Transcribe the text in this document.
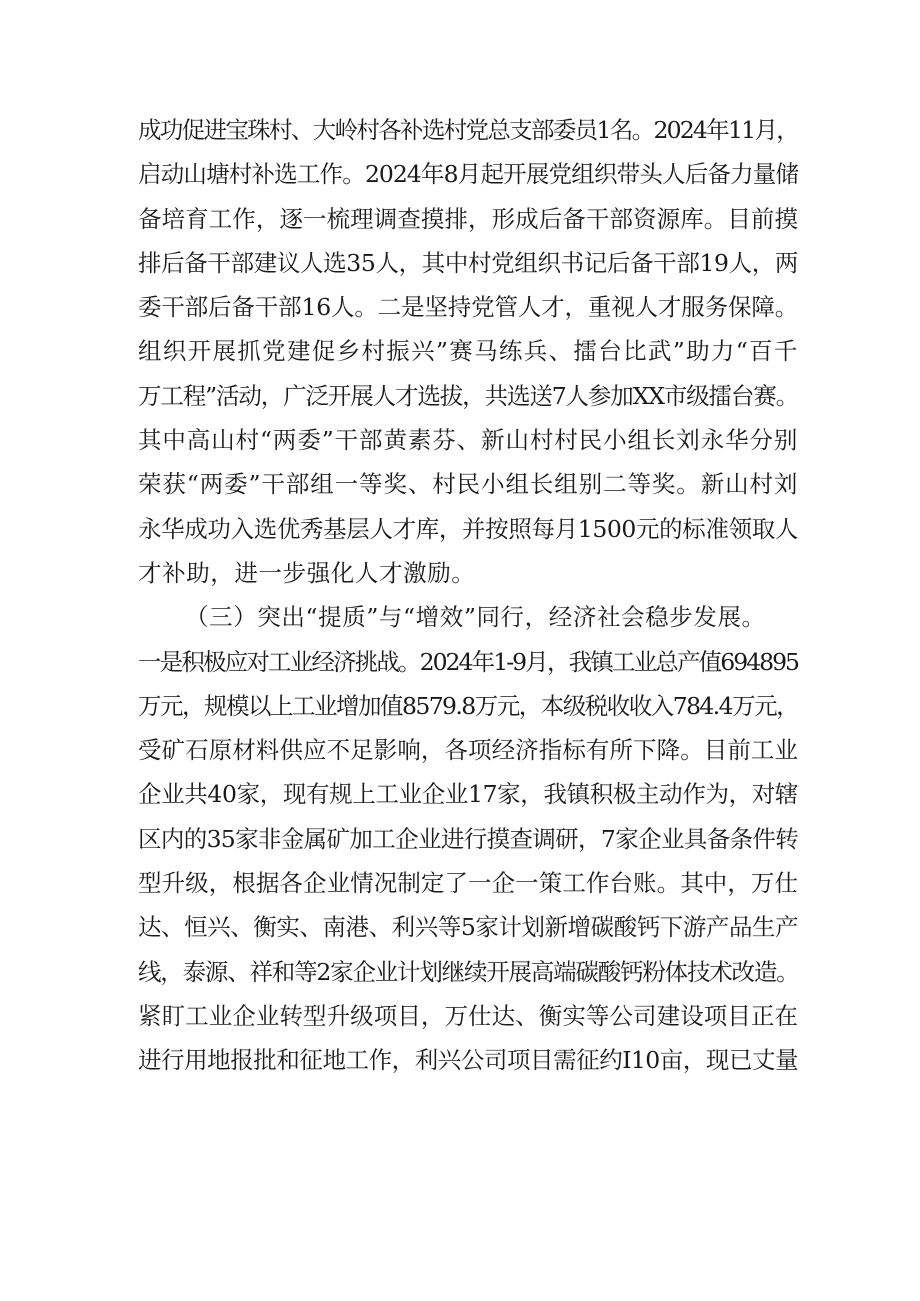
成功促进宝珠村、大岭村各补选村党总支部委员1名。2024年11月，
启动山塘村补选工作。2024年8月起开展党组织带头人后备力量储
备培育工作，逐一梳理调查摸排，形成后备干部资源库。目前摸
排后备干部建议人选35人，其中村党组织书记后备干部19人，两
委干部后备干部16人。二是坚持党管人才，重视人才服务保障。
组织开展抓党建促乡村振兴”赛马练兵、擂台比武”助力“百千
万工程”活动，广泛开展人才选拔，共选送7人参加XX市级擂台赛。
其中高山村“两委”干部黄素芬、新山村村民小组长刘永华分别
荣获“两委”干部组一等奖、村民小组长组别二等奖。新山村刘
永华成功入选优秀基层人才库，并按照每月1500元的标准领取人
才补助，进一步强化人才激励。
（三）突出“提质”与“增效”同行，经济社会稳步发展。
一是积极应对工业经济挑战。2024年1-9月，我镇工业总产值694895
万元，规模以上工业增加值8579.8万元，本级税收收入784.4万元，
受矿石原材料供应不足影响，各项经济指标有所下降。目前工业
企业共40家，现有规上工业企业17家，我镇积极主动作为，对辖
区内的35家非金属矿加工企业进行摸查调研，7家企业具备条件转
型升级，根据各企业情况制定了一企一策工作台账。其中，万仕
达、恒兴、衡实、南港、利兴等5家计划新增碳酸钙下游产品生产
线，泰源、祥和等2家企业计划继续开展高端碳酸钙粉体技术改造。
紧盯工业企业转型升级项目，万仕达、衡实等公司建设项目正在
进行用地报批和征地工作，利兴公司项目需征约I10亩，现已丈量
